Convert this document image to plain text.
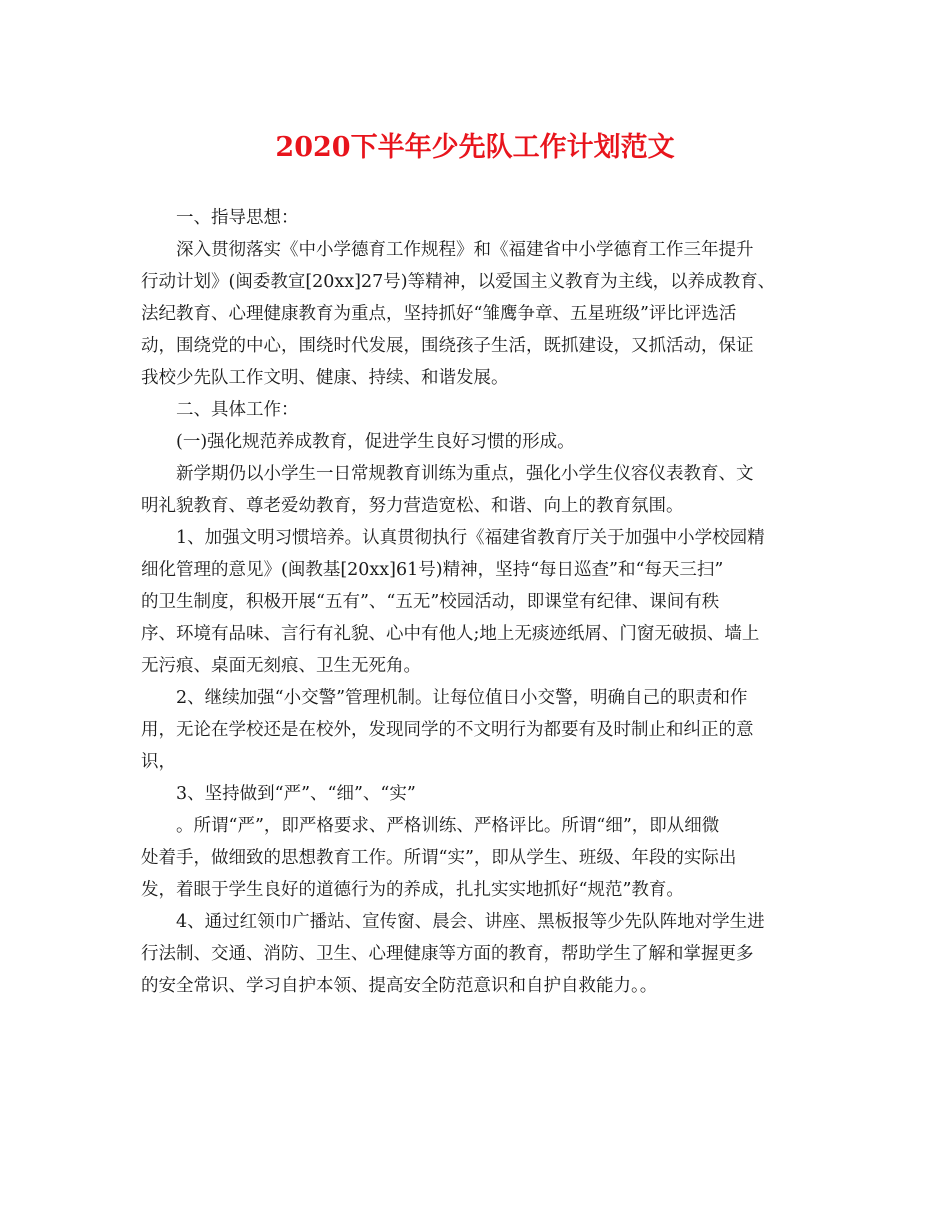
2020下半年少先队工作计划范文
一、指导思想：
深入贯彻落实《中小学德育工作规程》和《福建省中小学德育工作三年提升
行动计划》(闽委教宣[20xx]27号)等精神，以爱国主义教育为主线，以养成教育、
法纪教育、心理健康教育为重点，坚持抓好“雏鹰争章、五星班级”评比评选活
动，围绕党的中心，围绕时代发展，围绕孩子生活，既抓建设，又抓活动，保证
我校少先队工作文明、健康、持续、和谐发展。
二、具体工作：
(一)强化规范养成教育，促进学生良好习惯的形成。
新学期仍以小学生一日常规教育训练为重点，强化小学生仪容仪表教育、文
明礼貌教育、尊老爱幼教育，努力营造宽松、和谐、向上的教育氛围。
1、加强文明习惯培养。认真贯彻执行《福建省教育厅关于加强中小学校园精
细化管理的意见》(闽教基[20xx]61号)精神，坚持“每日巡查”和“每天三扫”
的卫生制度，积极开展“五有”、“五无”校园活动，即课堂有纪律、课间有秩
序、环境有品味、言行有礼貌、心中有他人;地上无痰迹纸屑、门窗无破损、墙上
无污痕、桌面无刻痕、卫生无死角。
2、继续加强“小交警”管理机制。让每位值日小交警，明确自己的职责和作
用，无论在学校还是在校外，发现同学的不文明行为都要有及时制止和纠正的意
识，
3、坚持做到“严”、“细”、“实”
。所谓“严”，即严格要求、严格训练、严格评比。所谓“细”，即从细微
处着手，做细致的思想教育工作。所谓“实”，即从学生、班级、年段的实际出
发，着眼于学生良好的道德行为的养成，扎扎实实地抓好“规范”教育。
4、通过红领巾广播站、宣传窗、晨会、讲座、黑板报等少先队阵地对学生进
行法制、交通、消防、卫生、心理健康等方面的教育，帮助学生了解和掌握更多
的安全常识、学习自护本领、提高安全防范意识和自护自救能力。。
